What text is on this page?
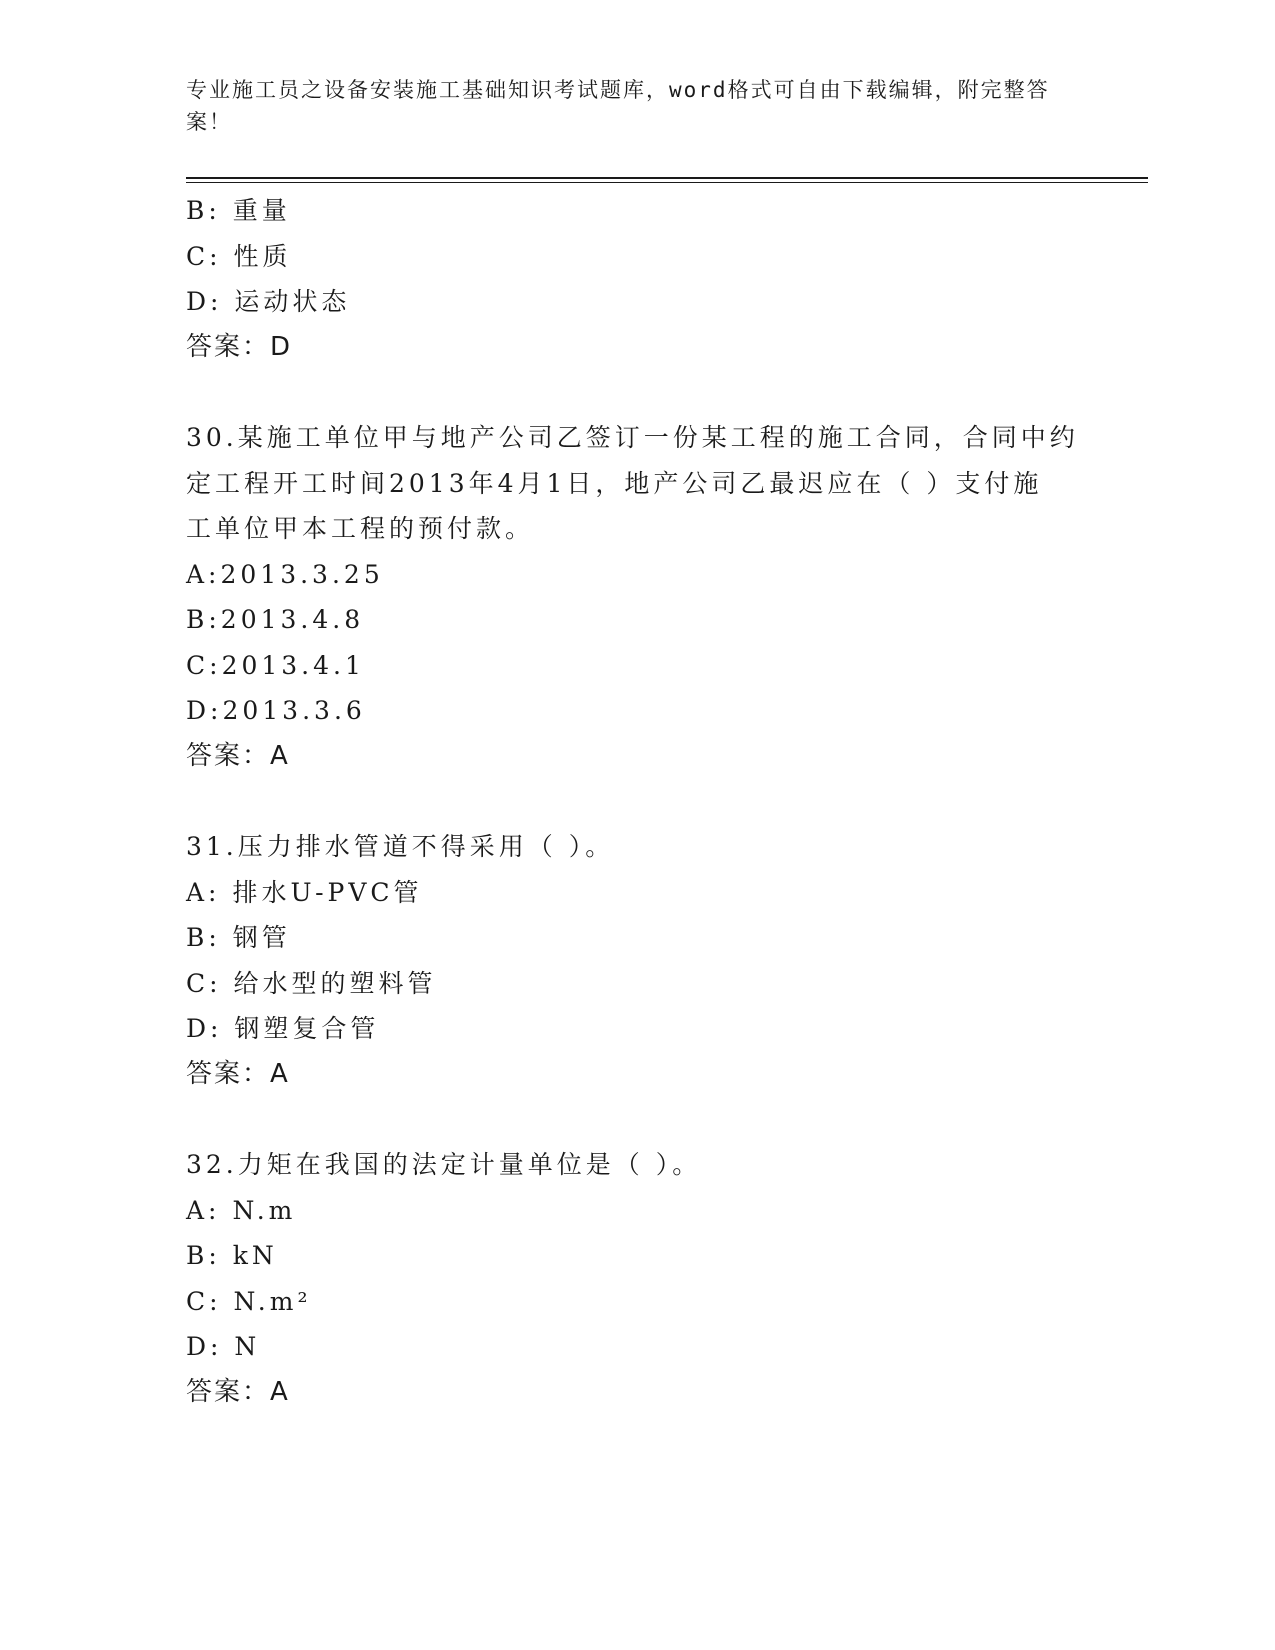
专业施工员之设备安装施工基础知识考试题库，word格式可自由下载编辑，附完整答案！
B: 重量
C: 性质
D: 运动状态
答案：D
30.某施工单位甲与地产公司乙签订一份某工程的施工合同，合同中约
定工程开工时间2013年4月1日，地产公司乙最迟应在（ ）支付施
工单位甲本工程的预付款。
A:2013.3.25
B:2013.4.8
C:2013.4.1
D:2013.3.6
答案：A
31.压力排水管道不得采用（ ）。
A: 排水U-PVC管
B: 钢管
C: 给水型的塑料管
D: 钢塑复合管
答案：A
32.力矩在我国的法定计量单位是（ ）。
A: N.m
B: kN
C: N.m²
D: N
答案：A
